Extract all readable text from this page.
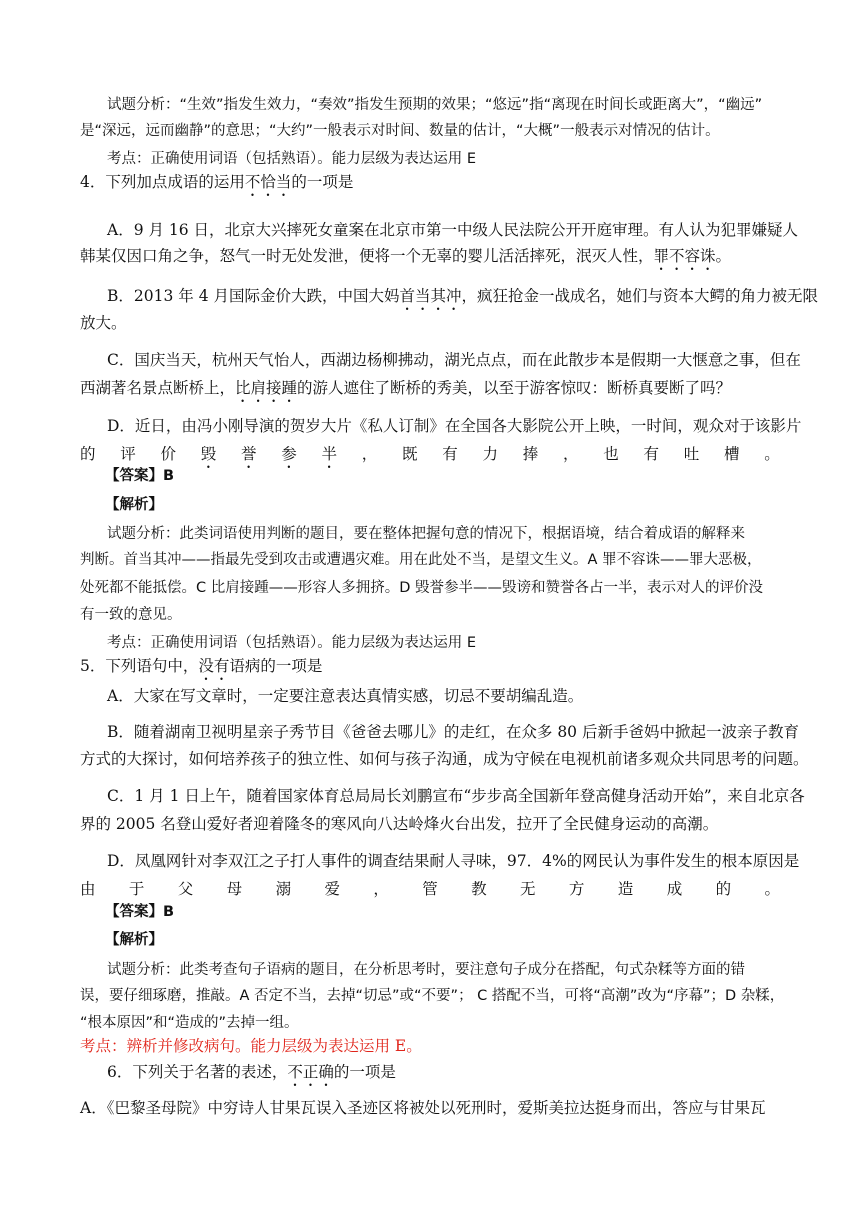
试题分析：“生效”指发生效力，“奏效”指发生预期的效果；“悠远”指“离现在时间长或距离大”，“幽远”
是“深远，远而幽静”的意思；“大约”一般表示对时间、数量的估计，“大概”一般表示对情况的估计。
考点：正确使用词语（包括熟语）。能力层级为表达运用 E
4．下列加点成语的运用不恰当的一项是
A．9 月 16 日，北京大兴摔死女童案在北京市第一中级人民法院公开开庭审理。有人认为犯罪嫌疑人
韩某仅因口角之争，怒气一时无处发泄，便将一个无辜的婴儿活活摔死，泯灭人性，罪不容诛。
B．2013 年 4 月国际金价大跌，中国大妈首当其冲，疯狂抢金一战成名，她们与资本大鳄的角力被无限
放大。
C．国庆当天，杭州天气怡人，西湖边杨柳拂动，湖光点点，而在此散步本是假期一大惬意之事，但在
西湖著名景点断桥上，比肩接踵的游人遮住了断桥的秀美，以至于游客惊叹：断桥真要断了吗？
D．近日，由冯小刚导演的贺岁大片《私人订制》在全国各大影院公开上映，一时间，观众对于该影片
的 评 价 毁 誉 参 半 ， 既 有 力 捧 ， 也 有 吐 槽 。
【答案】B
【解析】
试题分析：此类词语使用判断的题目，要在整体把握句意的情况下，根据语境，结合着成语的解释来
判断。首当其冲——指最先受到攻击或遭遇灾难。用在此处不当，是望文生义。A 罪不容诛——罪大恶极，
处死都不能抵偿。C 比肩接踵——形容人多拥挤。D 毁誉参半——毁谤和赞誉各占一半，表示对人的评价没
有一致的意见。
考点：正确使用词语（包括熟语）。能力层级为表达运用 E
5．下列语句中，没有语病的一项是
A．大家在写文章时，一定要注意表达真情实感，切忌不要胡编乱造。
B．随着湖南卫视明星亲子秀节目《爸爸去哪儿》的走红，在众多 80 后新手爸妈中掀起一波亲子教育
方式的大探讨，如何培养孩子的独立性、如何与孩子沟通，成为守候在电视机前诸多观众共同思考的问题。
C．1 月 1 日上午，随着国家体育总局局长刘鹏宣布“步步高全国新年登高健身活动开始”，来自北京各
界的 2005 名登山爱好者迎着隆冬的寒风向八达岭烽火台出发，拉开了全民健身运动的高潮。
D．凤凰网针对李双江之子打人事件的调查结果耐人寻味，97．4%的网民认为事件发生的根本原因是
由 于 父 母 溺 爱 ， 管 教 无 方 造 成 的 。
【答案】B
【解析】
试题分析：此类考查句子语病的题目，在分析思考时，要注意句子成分在搭配，句式杂糅等方面的错
误，要仔细琢磨，推敲。A 否定不当，去掉“切忌”或“不要”； C 搭配不当，可将“高潮”改为“序幕”；D 杂糅，
“根本原因”和“造成的”去掉一组。
考点：辨析并修改病句。能力层级为表达运用 E。
6．下列关于名著的表述，不正确的一项是
A．《巴黎圣母院》中穷诗人甘果瓦误入圣迹区将被处以死刑时，爱斯美拉达挺身而出，答应与甘果瓦
